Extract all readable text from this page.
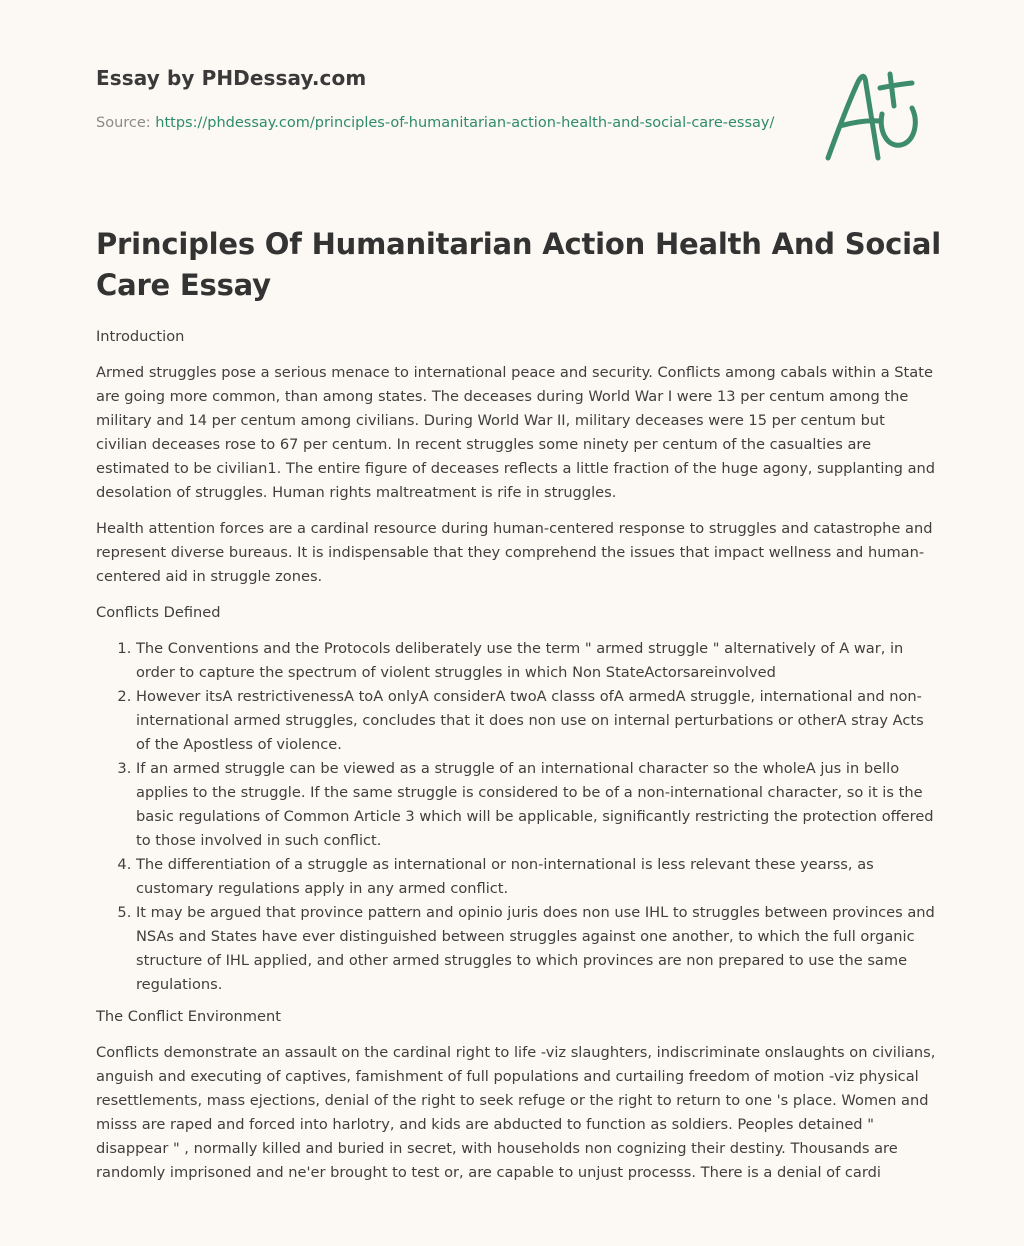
Essay by PHDessay.com

Source: https://phdessay.com/principles-of-humanitarian-action-health-and-social-care-essay/

Principles Of Humanitarian Action Health And Social Care Essay
Introduction

Armed struggles pose a serious menace to international peace and security. Conflicts among cabals within a State are going more common, than among states. The deceases during World War I were 13 per centum among the military and 14 per centum among civilians. During World War II, military deceases were 15 per centum but civilian deceases rose to 67 per centum. In recent struggles some ninety per centum of the casualties are estimated to be civilian1. The entire figure of deceases reflects a little fraction of the huge agony, supplanting and desolation of struggles. Human rights maltreatment is rife in struggles.

Health attention forces are a cardinal resource during human-centered response to struggles and catastrophe and represent diverse bureaus. It is indispensable that they comprehend the issues that impact wellness and human-centered aid in struggle zones.

Conflicts Defined
1. The Conventions and the Protocols deliberately use the term " armed struggle " alternatively of A war, in order to capture the spectrum of violent struggles in which Non StateActorsareinvolved
2. However itsA restrictivenessA toA onlyA considerA twoA classs ofA armedA struggle, international and non-international armed struggles, concludes that it does non use on internal perturbations or otherA stray Acts of the Apostless of violence.
3. If an armed struggle can be viewed as a struggle of an international character so the wholeA jus in bello applies to the struggle. If the same struggle is considered to be of a non-international character, so it is the basic regulations of Common Article 3 which will be applicable, significantly restricting the protection offered to those involved in such conflict.
4. The differentiation of a struggle as international or non-international is less relevant these yearss, as customary regulations apply in any armed conflict.
5. It may be argued that province pattern and opinio juris does non use IHL to struggles between provinces and NSAs and States have ever distinguished between struggles against one another, to which the full organic structure of IHL applied, and other armed struggles to which provinces are non prepared to use the same regulations.
The Conflict Environment

Conflicts demonstrate an assault on the cardinal right to life -viz slaughters, indiscriminate onslaughts on civilians, anguish and executing of captives, famishment of full populations and curtailing freedom of motion -viz physical resettlements, mass ejections, denial of the right to seek refuge or the right to return to one 's place. Women and misss are raped and forced into harlotry, and kids are abducted to function as soldiers. Peoples detained " disappear " , normally killed and buried in secret, with households non cognizing their destiny. Thousands are randomly imprisoned and ne'er brought to test or, are capable to unjust processs. There is a denial of cardi
